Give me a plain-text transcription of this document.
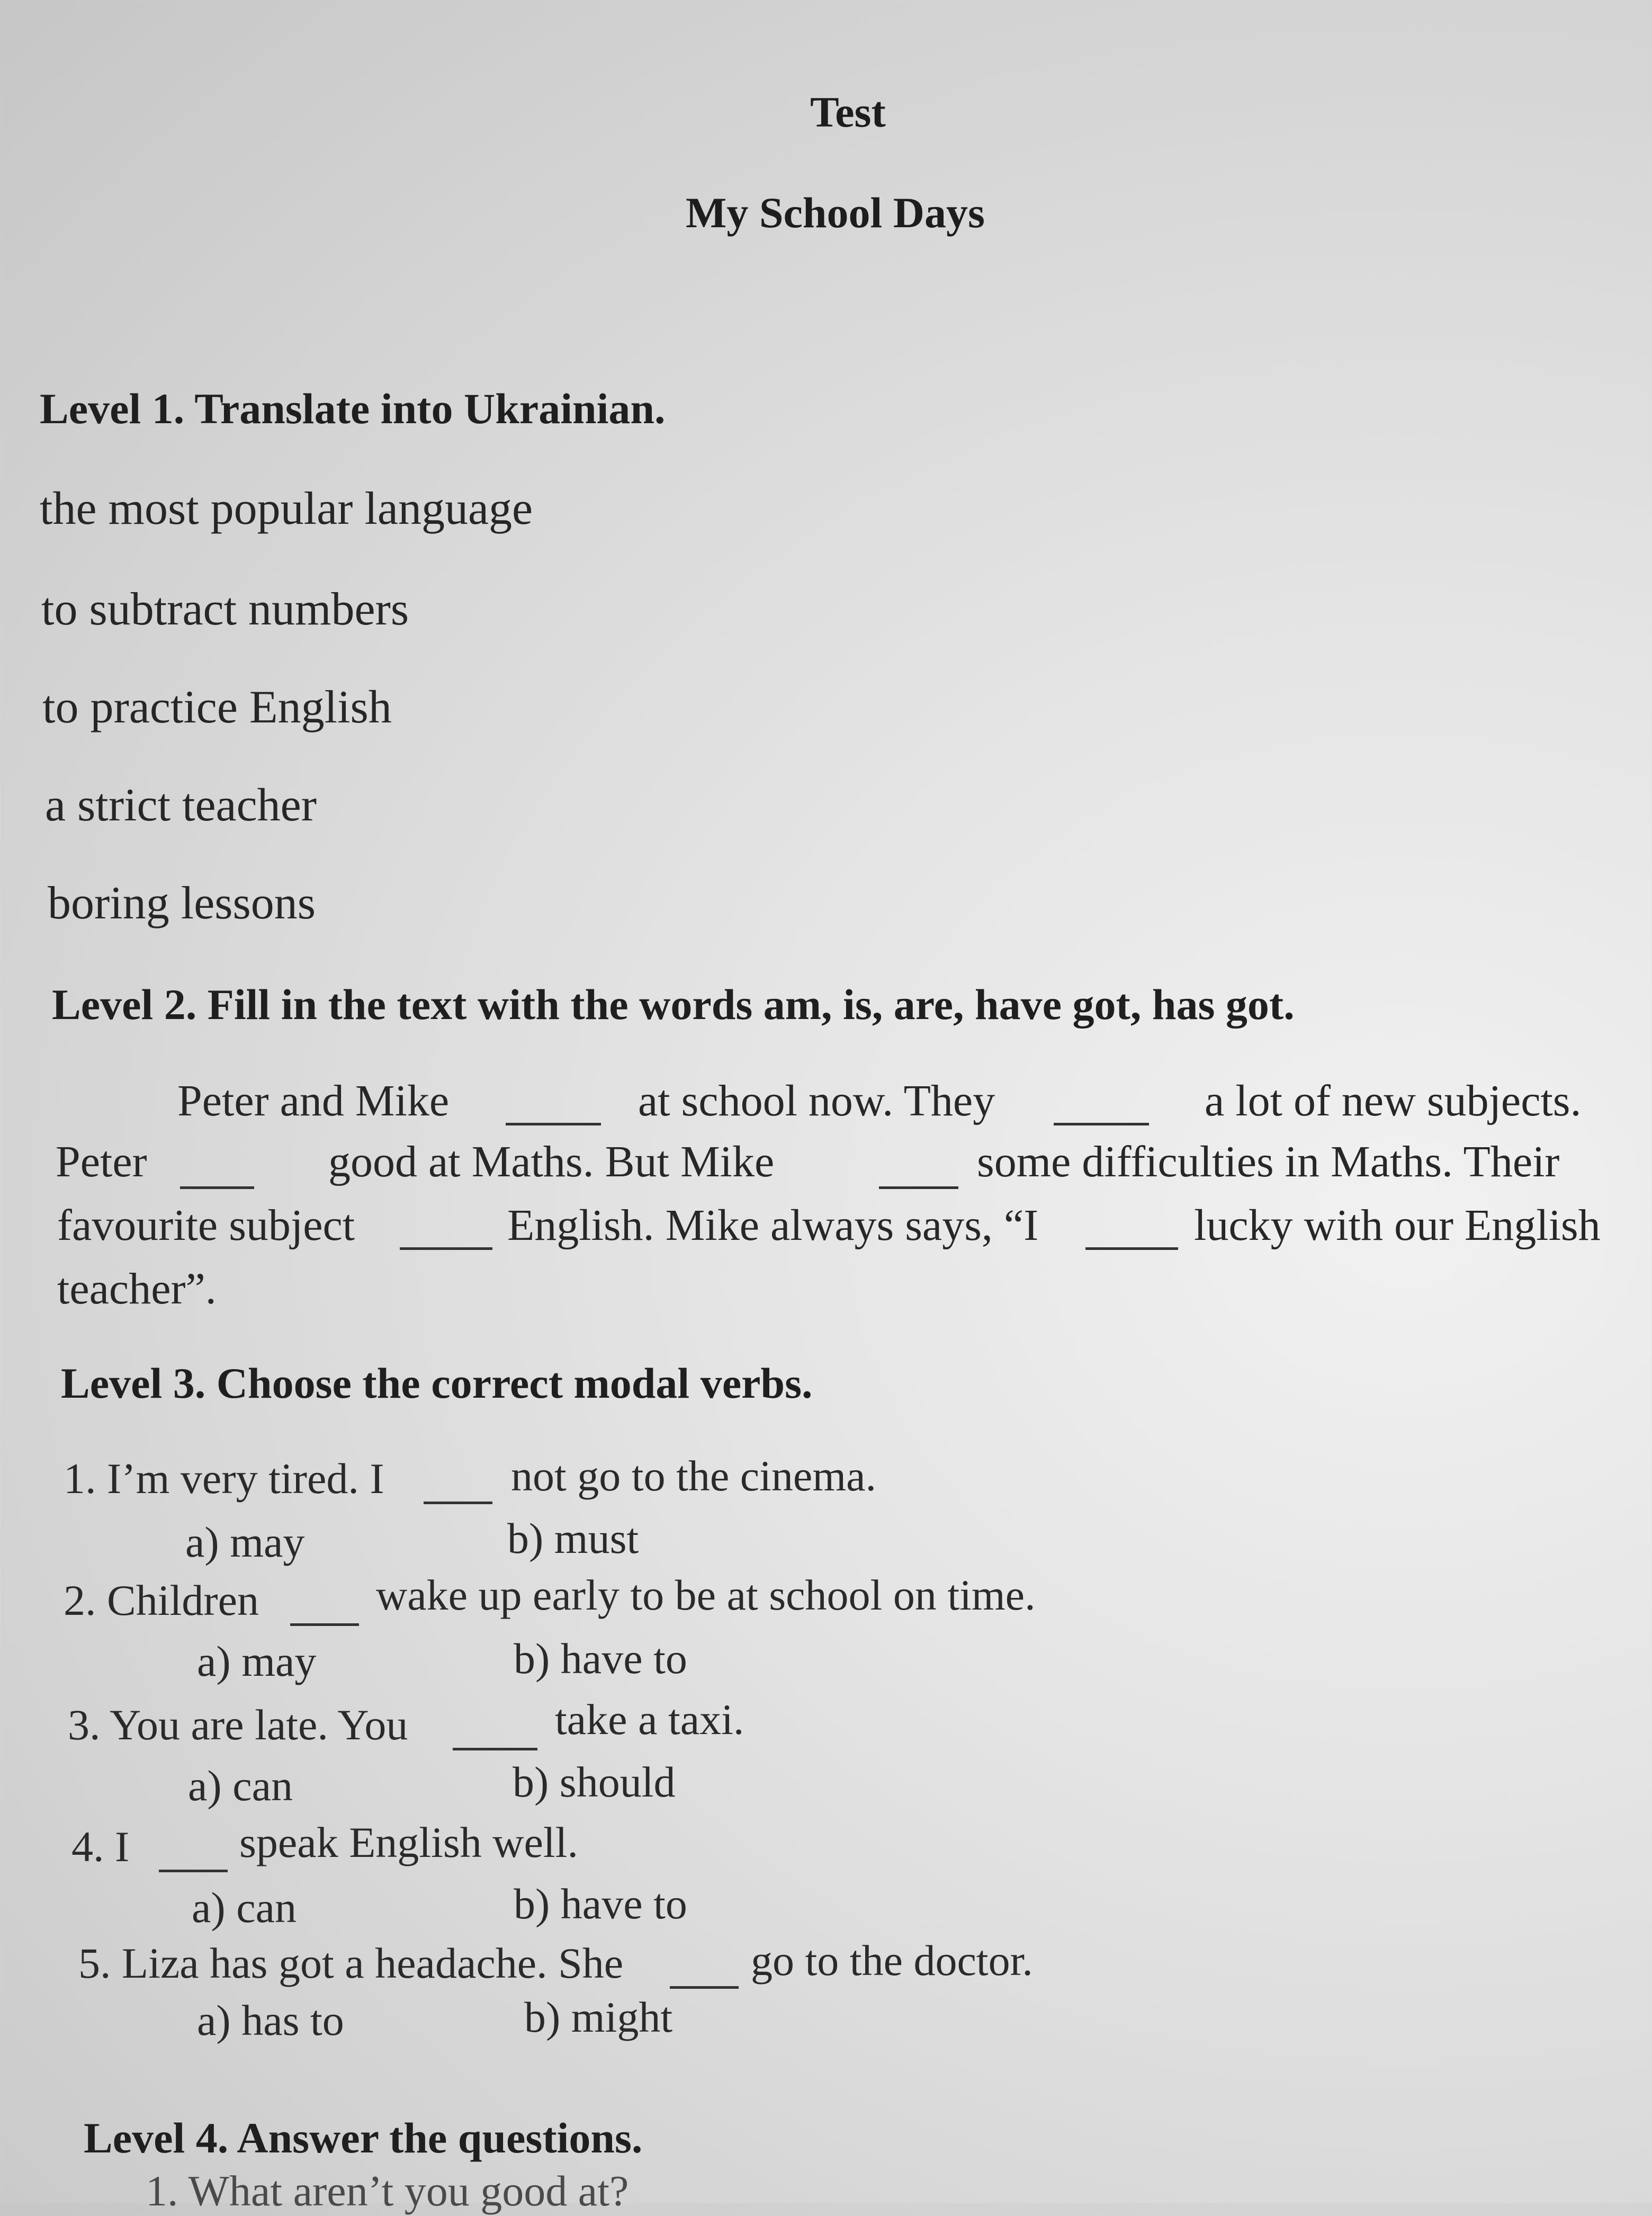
Test
My School Days
Level 1. Translate into Ukrainian.
the most popular language
to subtract numbers
to practice English
a strict teacher
boring lessons
Level 2. Fill in the text with the words am, is, are, have got, has got.
Peter and Mike	at school now. They	a lot of new subjects.
Peter	good at Maths. But Mike	some difficulties in Maths. Their
favourite subject	English. Mike always says, “I	lucky with our English
teacher”.
Level 3. Choose the correct modal verbs.
1. I’m very tired. I	not go to the cinema.
a) may	b) must
2. Children	wake up early to be at school on time.
a) may	b) have to
3. You are late. You	take a taxi.
a) can	b) should
4. I	speak English well.
a) can	b) have to
5. Liza has got a headache. She	go to the doctor.
a) has to	b) might
Level 4. Answer the questions.
1. What aren’t you good at?
